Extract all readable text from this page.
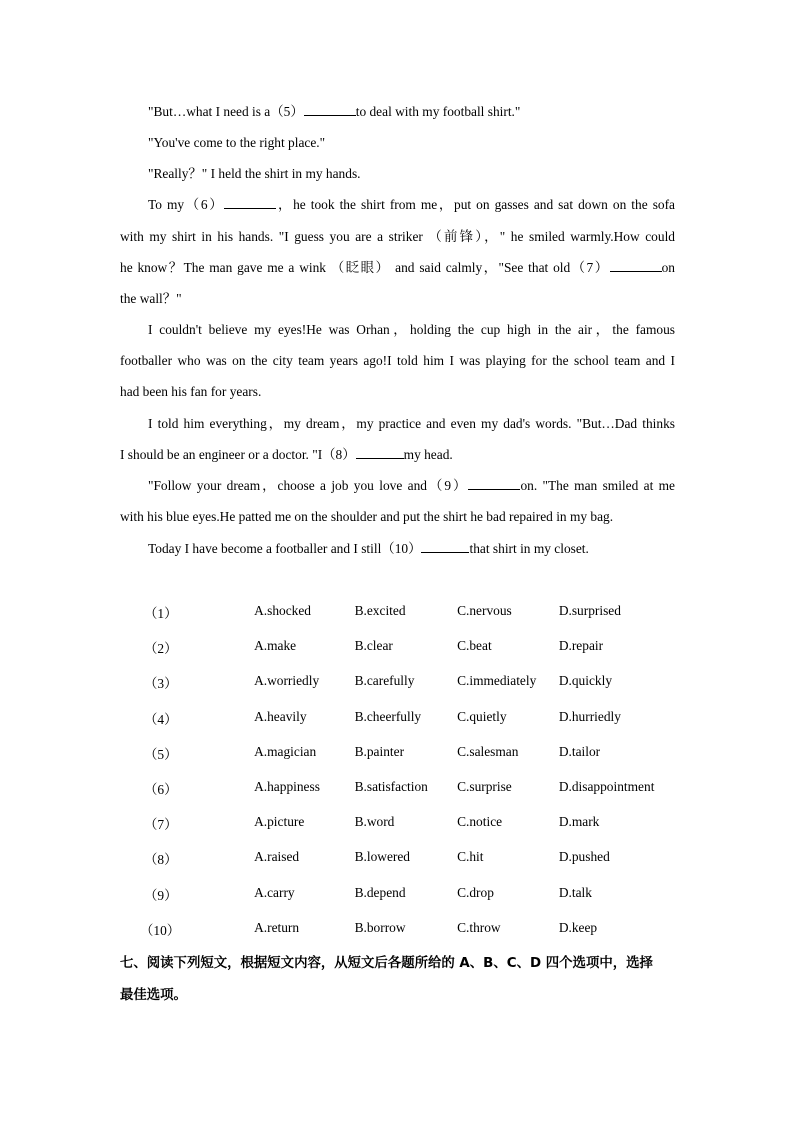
"But…what I need is a（5）	to deal with my football shirt."
"You've come to the right place."
"Really？" I held the shirt in my hands.
To my（6）	，he took the shirt from me，put on gasses and sat down on the sofa
with my shirt in his hands. "I guess you are a striker （前锋），" he smiled warmly.How could
he know？The man gave me a wink （眨眼） and said calmly，"See that old（7）	on
the wall？"
I couldn't believe my eyes!He was Orhan，holding the cup high in the air，the famous
footballer who was on the city team years ago!I told him I was playing for the school team and I
had been his fan for years.
I told him everything，my dream，my practice and even my dad's words. "But…Dad thinks
I should be an engineer or a doctor. "I（8）	my head.
"Follow your dream，choose a job you love and（9）	on. "The man smiled at me
with his blue eyes.He patted me on the shoulder and put the shirt he bad repaired in my bag.
Today I have become a footballer and I still（10）	that shirt in my closet.
（1）	A.shocked	B.excited	C.nervous	D.surprised
（2）	A.make	B.clear	C.beat	D.repair
（3）	A.worriedly	B.carefully	C.immediately	D.quickly
（4）	A.heavily	B.cheerfully	C.quietly	D.hurriedly
（5）	A.magician	B.painter	C.salesman	D.tailor
（6）	A.happiness	B.satisfaction	C.surprise	D.disappointment
（7）	A.picture	B.word	C.notice	D.mark
（8）	A.raised	B.lowered	C.hit	D.pushed
（9）	A.carry	B.depend	C.drop	D.talk
（10）	A.return	B.borrow	C.throw	D.keep
七、阅读下列短文，根据短文内容，从短文后各题所给的 A、B、C、D 四个选项中，选择
最佳选项。
